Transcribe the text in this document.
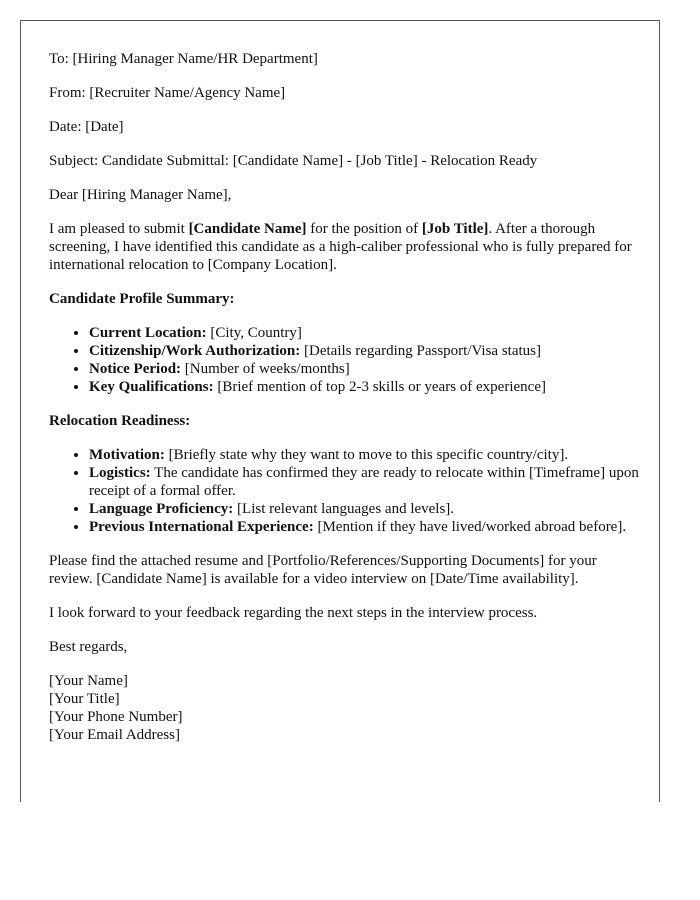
To: [Hiring Manager Name/HR Department]

From: [Recruiter Name/Agency Name]

Date: [Date]

Subject: Candidate Submittal: [Candidate Name] - [Job Title] - Relocation Ready

Dear [Hiring Manager Name],

I am pleased to submit [Candidate Name] for the position of [Job Title]. After a thorough screening, I have identified this candidate as a high-caliber professional who is fully prepared for international relocation to [Company Location].

Candidate Profile Summary:
• Current Location: [City, Country]
• Citizenship/Work Authorization: [Details regarding Passport/Visa status]
• Notice Period: [Number of weeks/months]
• Key Qualifications: [Brief mention of top 2-3 skills or years of experience]
Relocation Readiness:
• Motivation: [Briefly state why they want to move to this specific country/city].
• Logistics: The candidate has confirmed they are ready to relocate within [Timeframe] upon receipt of a formal offer.
• Language Proficiency: [List relevant languages and levels].
• Previous International Experience: [Mention if they have lived/worked abroad before].

Please find the attached resume and [Portfolio/References/Supporting Documents] for your review. [Candidate Name] is available for a video interview on [Date/Time availability].

I look forward to your feedback regarding the next steps in the interview process.

Best regards,

[Your Name]
[Your Title]
[Your Phone Number]
[Your Email Address]
